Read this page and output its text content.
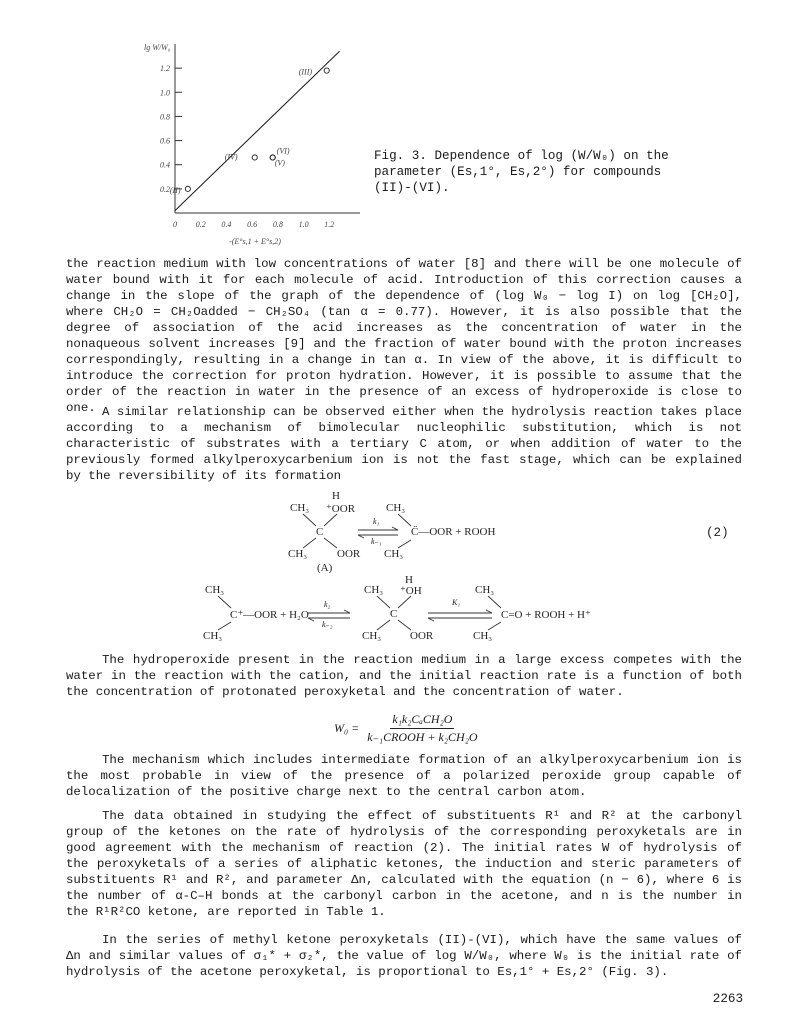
1.2
1.0
0.8
0.6
0.4
0.2
0 0.2 0.4 0.6 0.8 1.0 1.2
(II)
(IV)
(VI)
(V)
(III)
lg W/W₀
-(E°s,1 + E°s,2)
Fig. 3. Dependence of log (W/W₀) on the parameter (Es,1°, Es,2°) for compounds (II)-(VI).

the reaction medium with low concentrations of water [8] and there will be one molecule of water bound with it for each molecule of acid. Introduction of this correction causes a change in the slope of the graph of the dependence of (log W₀ − log I) on log [CH₂O], where CH₂O = CH₂Oadded − CH₂SO₄ (tan α = 0.77). However, it is also possible that the degree of association of the acid increases as the concentration of water in the nonaqueous solvent increases [9] and the fraction of water bound with the proton increases correspondingly, resulting in a change in tan α. In view of the above, it is difficult to introduce the correction for proton hydration. However, it is possible to assume that the order of the reaction in water in the presence of an excess of hydroperoxide is close to one. A similar relationship can be observed either when the hydrolysis reaction takes place according to a mechanism of bimolecular nucleophilic substitution, which is not characteristic of substrates with a tertiary C atom, or when addition of water to the previously formed alkylperoxycarbenium ion is not the fast stage, which can be explained by the reversibility of its formation

H
CH₃ ⁺OOR
C
CH₃	OOR
(A)
k₁
k₋₁
CH₃
C̈—OOR + ROOH
CH₃
(2)
CH₃
C⁺—OOR + H₂O
CH₃
k₂
k₋₂
H
CH₃ ⁺OH
C
CH₃	OOR
K₁
CH₃
C=O + ROOH + H⁺
CH₃

The hydroperoxide present in the reaction medium in a large excess competes with the water in the reaction with the cation, and the initial reaction rate is a function of both the concentration of protonated peroxyketal and the concentration of water.

$W_0 = \frac{\text{k₁k₂CₐCH₂O}}{\text{k₋₁CROOH + k₂CH₂O}}$

The mechanism which includes intermediate formation of an alkylperoxycarbenium ion is the most probable in view of the presence of a polarized peroxide group capable of delocalization of the positive charge next to the central carbon atom.

The data obtained in studying the effect of substituents R¹ and R² at the carbonyl group of the ketones on the rate of hydrolysis of the corresponding peroxyketals are in good agreement with the mechanism of reaction (2). The initial rates W of hydrolysis of the peroxyketals of a series of aliphatic ketones, the induction and steric parameters of substituents R¹ and R², and parameter Δn, calculated with the equation (n − 6), where 6 is the number of α-C–H bonds at the carbonyl carbon in the acetone, and n is the number in the R¹R²CO ketone, are reported in Table 1.

In the series of methyl ketone peroxyketals (II)-(VI), which have the same values of Δn and similar values of σ₁* + σ₂*, the value of log W/W₀, where W₀ is the initial rate of hydrolysis of the acetone peroxyketal, is proportional to Es,1° + Es,2° (Fig. 3).

2263
